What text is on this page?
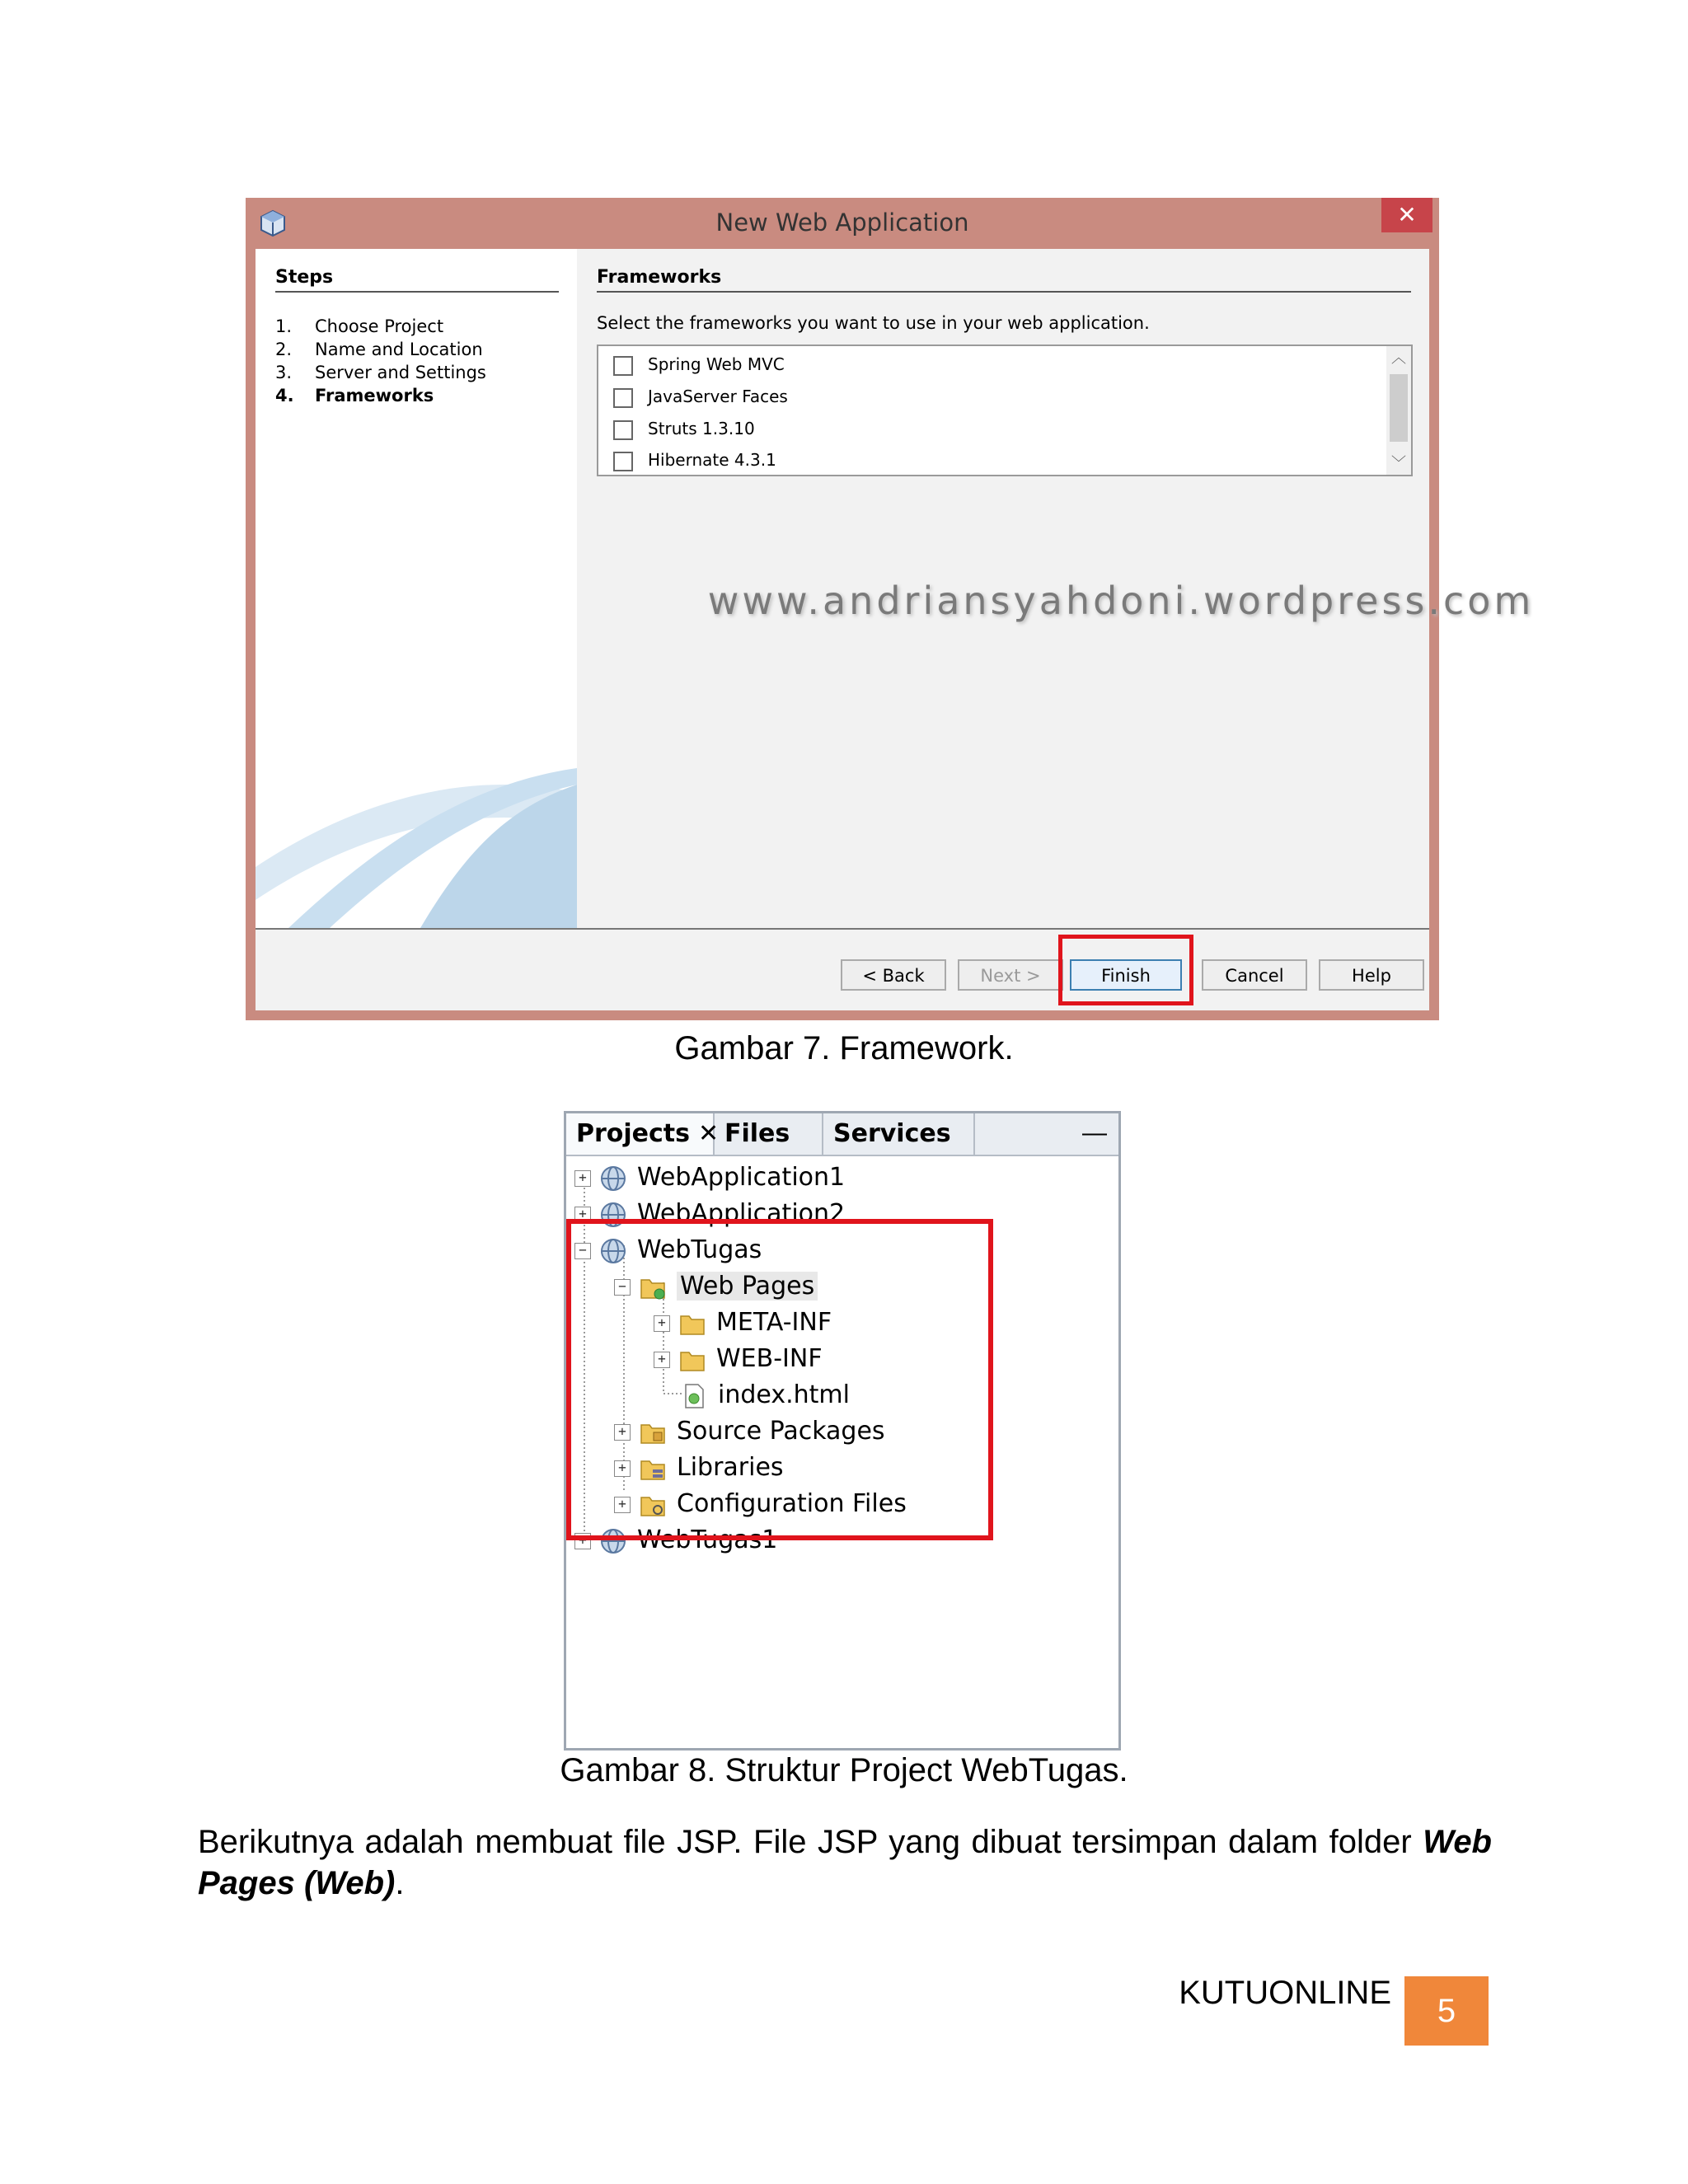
New Web Application	✕
Steps
1. Choose Project
2. Name and Location
3. Server and Settings
4. Frameworks
Frameworks
Select the frameworks you want to use in your web application.
Spring Web MVC
JavaServer Faces
Struts 1.3.10
Hibernate 4.3.1
︿
﹀
www.andriansyahdoni.wordpress.com
< Back	Next >	Finish	Cancel	Help
Gambar 7. Framework.
Projects ✕ Files	Services	—
+ WebApplication1
+ WebApplication2
− WebTugas
− Web Pages
+ META-INF
+ WEB-INF
index.html
+ Source Packages
+ Libraries
+ Configuration Files
+ WebTugas1
Gambar 8. Struktur Project WebTugas.
Berikutnya adalah membuat file JSP. File JSP yang dibuat tersimpan dalam folder Web Pages (Web).
KUTUONLINE	5
